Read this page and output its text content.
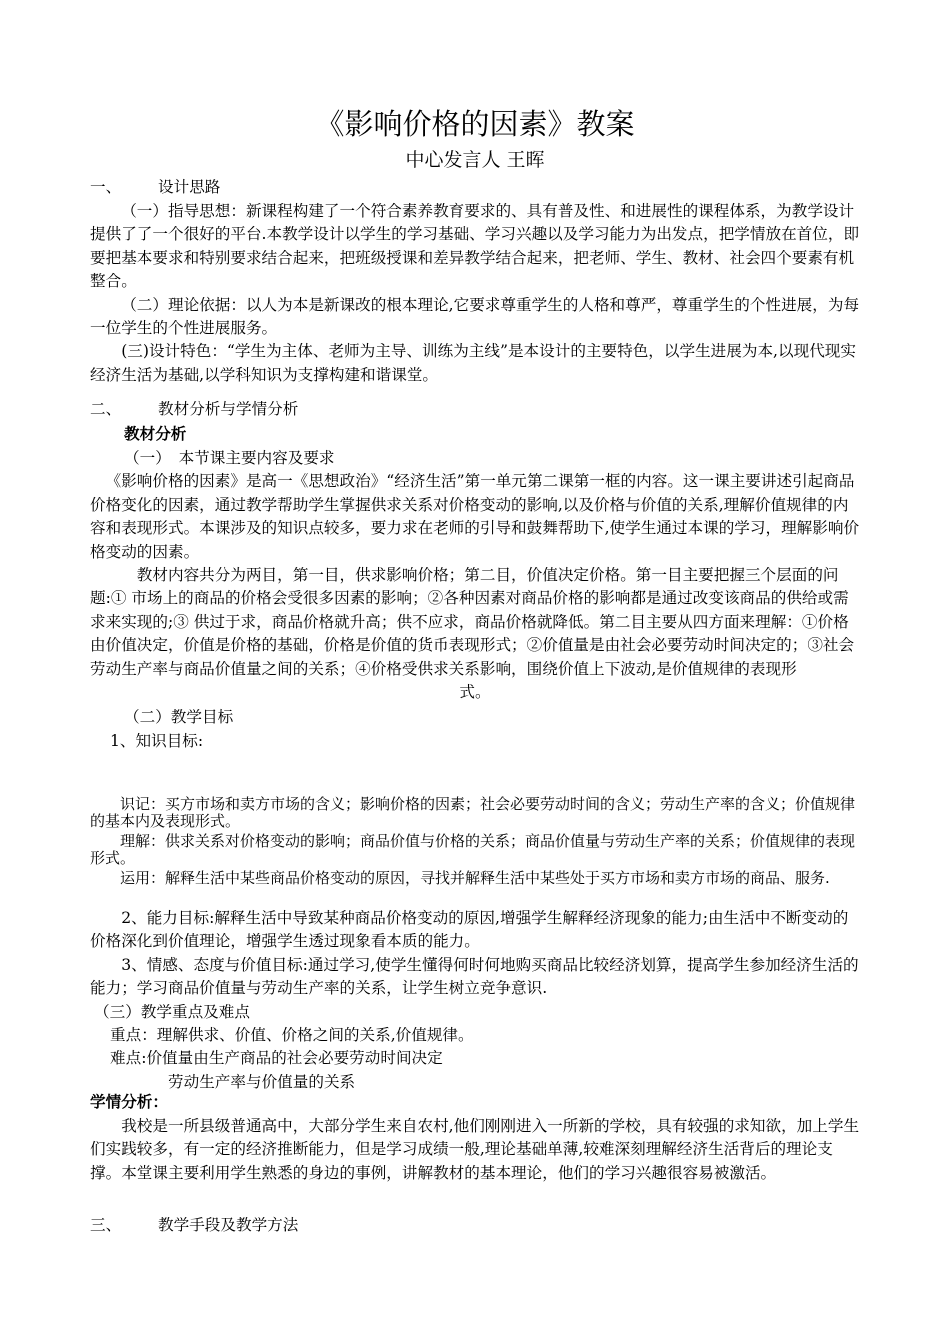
《影响价格的因素》教案
中心发言人 王晖
一、 设计思路

（一）指导思想：新课程构建了一个符合素养教育要求的、具有普及性、和进展性的课程体系，为教学设计提供了了一个很好的平台.本教学设计以学生的学习基础、学习兴趣以及学习能力为出发点，把学情放在首位，即要把基本要求和特别要求结合起来，把班级授课和差异教学结合起来，把老师、学生、教材、社会四个要素有机整合。

（二）理论依据：以人为本是新课改的根本理论,它要求尊重学生的人格和尊严，尊重学生的个性进展，为每一位学生的个性进展服务。

(三)设计特色：“学生为主体、老师为主导、训练为主线”是本设计的主要特色，以学生进展为本,以现代现实经济生活为基础,以学科知识为支撑构建和谐课堂。

二、 教材分析与学情分析
教材分析

（一）　本节课主要内容及要求

《影响价格的因素》是高一《思想政治》“经济生活”第一单元第二课第一框的内容。这一课主要讲述引起商品价格变化的因素，通过教学帮助学生掌握供求关系对价格变动的影响,以及价格与价值的关系,理解价值规律的内容和表现形式。本课涉及的知识点较多，要力求在老师的引导和鼓舞帮助下,使学生通过本课的学习，理解影响价格变动的因素。

教材内容共分为两目，第一目，供求影响价格；第二目，价值决定价格。第一目主要把握三个层面的问题:① 市场上的商品的价格会受很多因素的影响；②各种因素对商品价格的影响都是通过改变该商品的供给或需求来实现的;③ 供过于求，商品价格就升高；供不应求，商品价格就降低。第二目主要从四方面来理解：①价格由价值决定，价值是价格的基础，价格是价值的货币表现形式；②价值量是由社会必要劳动时间决定的；③社会劳动生产率与商品价值量之间的关系；④价格受供求关系影响，围绕价值上下波动,是价值规律的表现形

式。

（二）教学目标

1、知识目标:

识记：买方市场和卖方市场的含义；影响价格的因素；社会必要劳动时间的含义；劳动生产率的含义；价值规律的基本内及表现形式。

理解：供求关系对价格变动的影响；商品价值与价格的关系；商品价值量与劳动生产率的关系；价值规律的表现形式。

运用：解释生活中某些商品价格变动的原因，寻找并解释生活中某些处于买方市场和卖方市场的商品、服务.

2、能力目标:解释生活中导致某种商品价格变动的原因,增强学生解释经济现象的能力;由生活中不断变动的价格深化到价值理论，增强学生透过现象看本质的能力。

3、情感、态度与价值目标:通过学习,使学生懂得何时何地购买商品比较经济划算，提高学生参加经济生活的能力；学习商品价值量与劳动生产率的关系，让学生树立竞争意识.

（三）教学重点及难点

重点：理解供求、价值、价格之间的关系,价值规律。

难点:价值量由生产商品的社会必要劳动时间决定

劳动生产率与价值量的关系

学情分析：

我校是一所县级普通高中，大部分学生来自农村,他们刚刚进入一所新的学校，具有较强的求知欲，加上学生们实践较多，有一定的经济推断能力，但是学习成绩一般,理论基础单薄,较难深刻理解经济生活背后的理论支撑。本堂课主要利用学生熟悉的身边的事例，讲解教材的基本理论，他们的学习兴趣很容易被激活。

三、 教学手段及教学方法
